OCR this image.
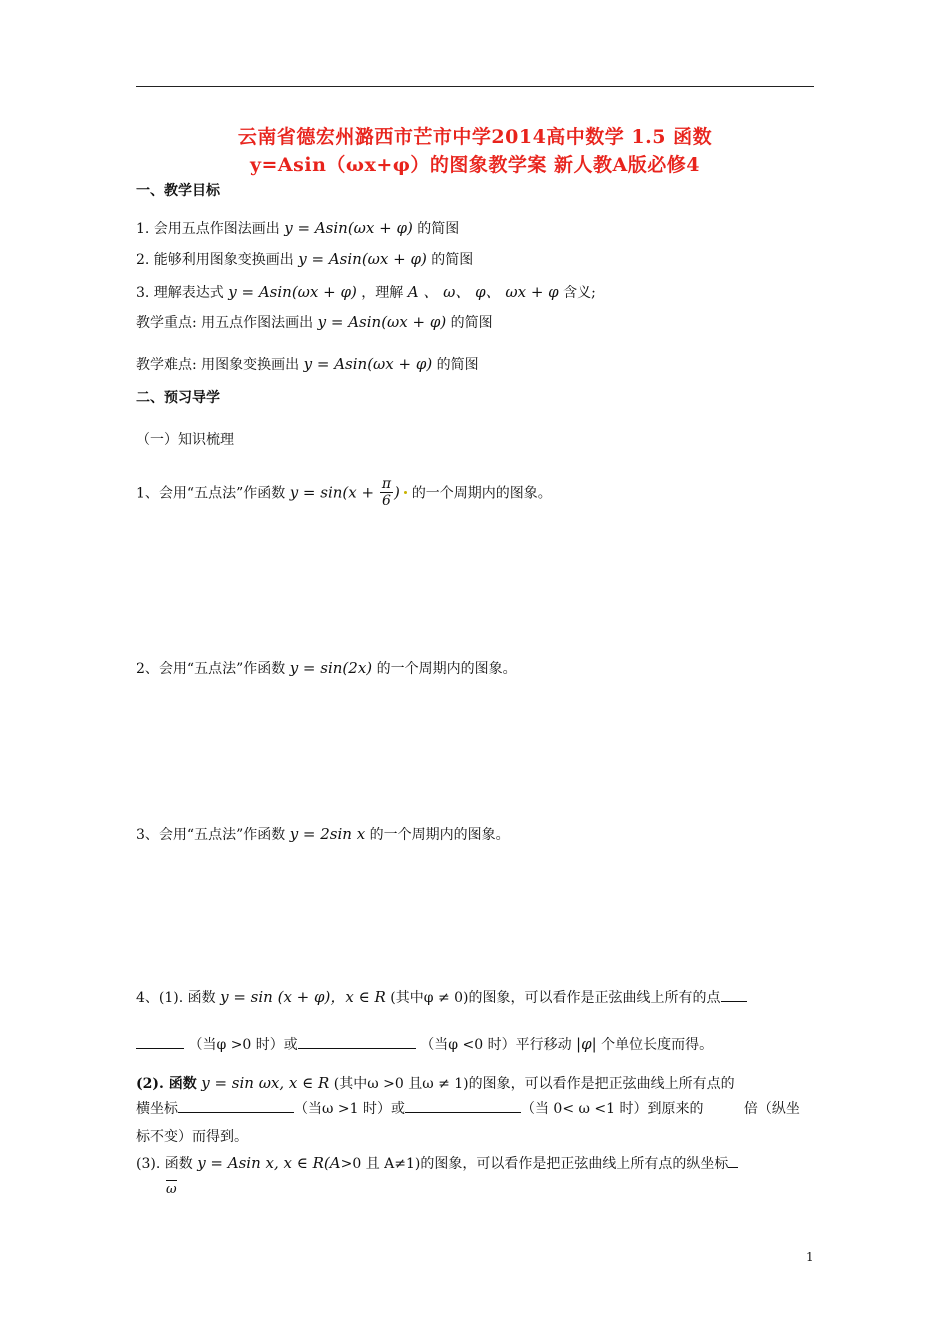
云南省德宏州潞西市芒市中学2014高中数学 1.5 函数
y=Asin（ωx+φ）的图象教学案 新人教A版必修4
一、教学目标
1. 会用五点作图法画出 y = Asin(ωx + φ) 的简图
2. 能够利用图象变换画出 y = Asin(ωx + φ) 的简图
3. 理解表达式 y = Asin(ωx + φ) ，理解 A 、 ω、 φ、 ωx + φ 含义;
教学重点: 用五点作图法画出 y = Asin(ωx + φ) 的简图
教学难点: 用图象变换画出 y = Asin(ωx + φ) 的简图
二、预习导学
（一）知识梳理
1、会用“五点法”作函数 $y = \sin(x + \frac{\pi}{6}$ ) 的一个周期内的图象。
2、会用“五点法”作函数 y = sin(2x) 的一个周期内的图象。
3、会用“五点法”作函数 y = 2sin x 的一个周期内的图象。
4、(1). 函数 y = sin (x + φ)，x ∈ R (其中φ ≠ 0)的图象，可以看作是正弦曲线上所有的点
（当φ >0 时）或	（当φ <0 时）平行移动 |φ| 个单位长度而得。
(2). 函数 y = sin ωx, x ∈ R (其中ω >0 且ω ≠ 1)的图象，可以看作是把正弦曲线上所有点的
横坐标	（当ω >1 时）或	（当 0< ω <1 时）到原来的	倍（纵坐
标不变）而得到。
(3). 函数 y = Asin x, x ∈ R(A>0 且 A≠1)的图象，可以看作是把正弦曲线上所有点的纵坐标
ω
1
